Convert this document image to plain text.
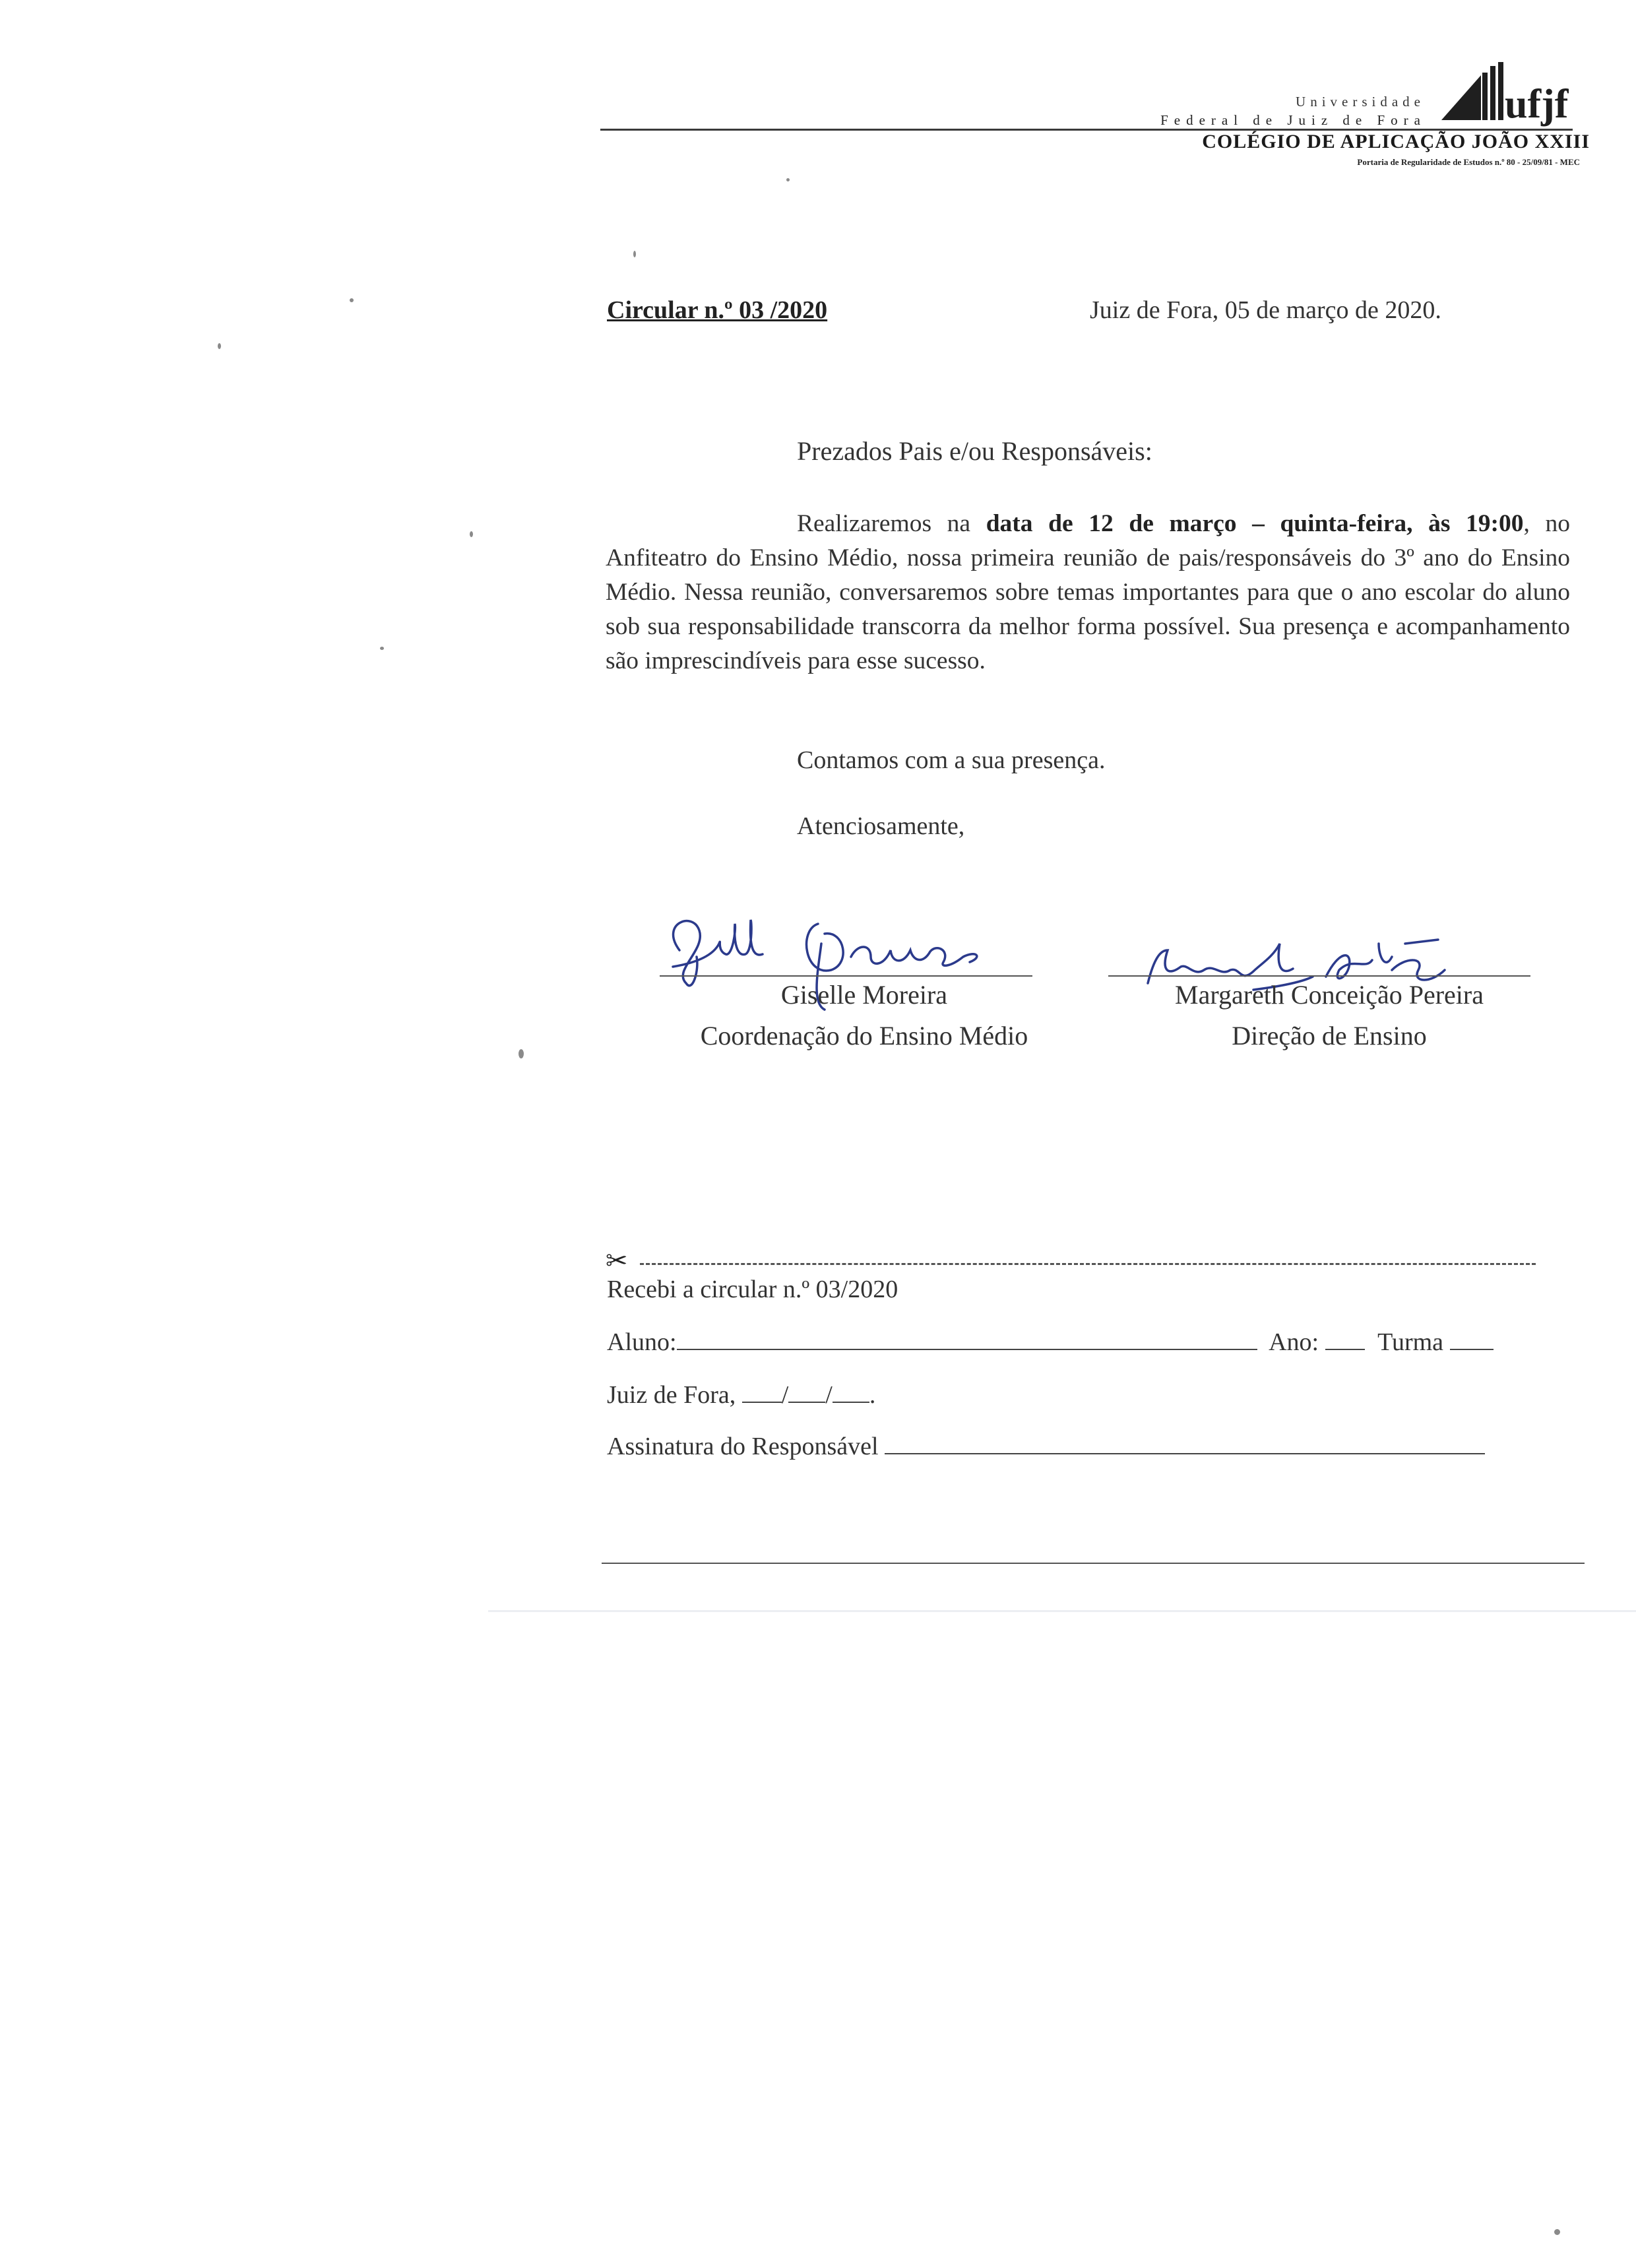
Universidade
Federal de Juiz de Fora ufjf
COLÉGIO DE APLICAÇÃO JOÃO XXIII
Portaria de Regularidade de Estudos n.º 80 - 25/09/81 - MEC
Circular n.º 03 /2020	Juiz de Fora, 05 de março de 2020.
Prezados Pais e/ou Responsáveis:
Realizaremos na data de 12 de março – quinta-feira, às 19:00, no Anfiteatro do Ensino Médio, nossa primeira reunião de pais/responsáveis do 3º ano do Ensino Médio. Nessa reunião, conversaremos sobre temas importantes para que o ano escolar do aluno sob sua responsabilidade transcorra da melhor forma possível. Sua presença e acompanhamento são imprescindíveis para esse sucesso.
Contamos com a sua presença.
Atenciosamente,
Giselle Moreira
Giselle Moreira
Coordenação do Ensino Médio
Margareth C. Pereira
Margareth Conceição Pereira
Direção de Ensino
✂
Recebi a circular n.º 03/2020
Aluno:	Ano: Turma
Juiz de Fora, / / .
Assinatura do Responsável
